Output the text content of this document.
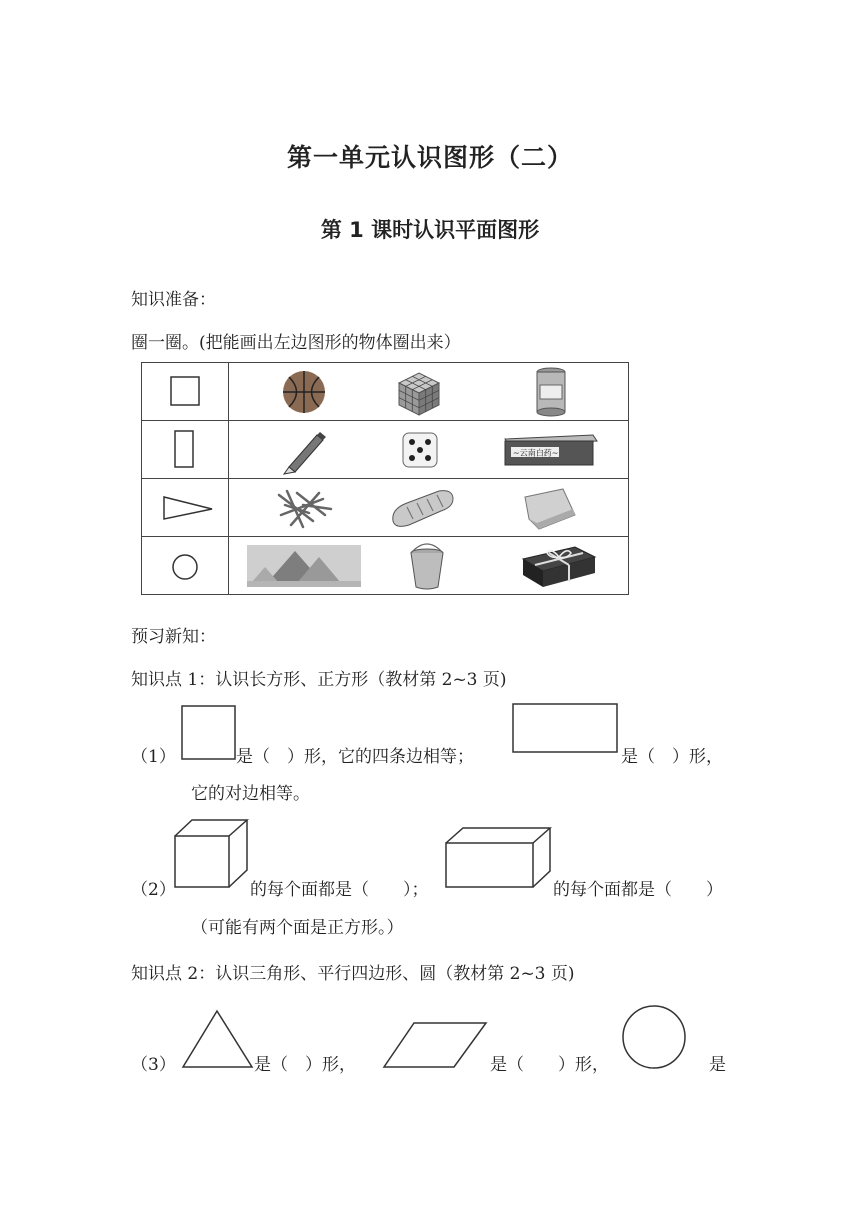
第一单元认识图形（二）
第 1 课时认识平面图形
知识准备：
圈一圈。(把能画出左边图形的物体圈出来）

~云南白药~

预习新知：
知识点 1：认识长方形、正方形（教材第 2~3 页)
（1）	是（　）形，它的四条边相等；	是（　）形，
它的对边相等。
（2）	的每个面都是（　　）；	的每个面都是（　　）
（可能有两个面是正方形。）
知识点 2：认识三角形、平行四边形、圆（教材第 2~3 页)
（3）	是（　）形，	是（　　）形，	是
